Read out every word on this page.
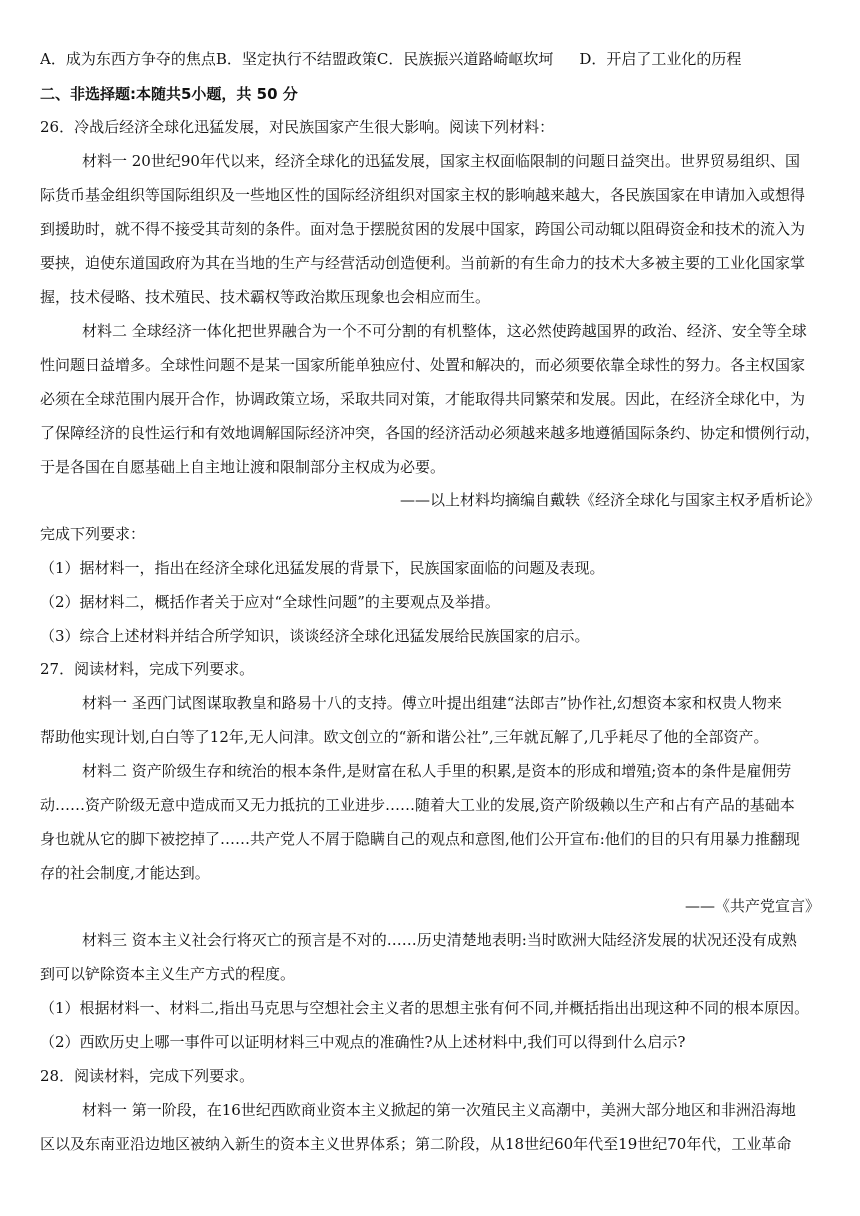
A．成为东西方争夺的焦点B．坚定执行不结盟政策C．民族振兴道路崎岖坎坷 D．开启了工业化的历程
二、非选择题:本随共5小题，共 50 分
26．冷战后经济全球化迅猛发展，对民族国家产生很大影响。阅读下列材料：
材料一 20世纪90年代以来，经济全球化的迅猛发展，国家主权面临限制的问题日益突出。世界贸易组织、国
际货币基金组织等国际组织及一些地区性的国际经济组织对国家主权的影响越来越大，各民族国家在申请加入或想得
到援助时，就不得不接受其苛刻的条件。面对急于摆脱贫困的发展中国家，跨国公司动辄以阻碍资金和技术的流入为
要挟，迫使东道国政府为其在当地的生产与经营活动创造便利。当前新的有生命力的技术大多被主要的工业化国家掌
握，技术侵略、技术殖民、技术霸权等政治欺压现象也会相应而生。
材料二 全球经济一体化把世界融合为一个不可分割的有机整体，这必然使跨越国界的政治、经济、安全等全球
性问题日益增多。全球性问题不是某一国家所能单独应付、处置和解决的，而必须要依靠全球性的努力。各主权国家
必须在全球范围内展开合作，协调政策立场，采取共同对策，才能取得共同繁荣和发展。因此，在经济全球化中，为
了保障经济的良性运行和有效地调解国际经济冲突，各国的经济活动必须越来越多地遵循国际条约、协定和惯例行动，
于是各国在自愿基础上自主地让渡和限制部分主权成为必要。
——以上材料均摘编自戴轶《经济全球化与国家主权矛盾析论》
完成下列要求：
（1）据材料一，指出在经济全球化迅猛发展的背景下，民族国家面临的问题及表现。
（2）据材料二，概括作者关于应对“全球性问题”的主要观点及举措。
（3）综合上述材料并结合所学知识，谈谈经济全球化迅猛发展给民族国家的启示。
27．阅读材料，完成下列要求。
材料一 圣西门试图谋取教皇和路易十八的支持。傅立叶提出组建“法郎吉”协作社,幻想资本家和权贵人物来
帮助他实现计划,白白等了12年,无人问津。欧文创立的“新和谐公社”,三年就瓦解了,几乎耗尽了他的全部资产。
材料二 资产阶级生存和统治的根本条件,是财富在私人手里的积累,是资本的形成和增殖;资本的条件是雇佣劳
动……资产阶级无意中造成而又无力抵抗的工业进步……随着大工业的发展,资产阶级赖以生产和占有产品的基础本
身也就从它的脚下被挖掉了……共产党人不屑于隐瞒自己的观点和意图,他们公开宣布:他们的目的只有用暴力推翻现
存的社会制度,才能达到。
——《共产党宣言》
材料三 资本主义社会行将灭亡的预言是不对的……历史清楚地表明:当时欧洲大陆经济发展的状况还没有成熟
到可以铲除资本主义生产方式的程度。
（1）根据材料一、材料二,指出马克思与空想社会主义者的思想主张有何不同,并概括指出出现这种不同的根本原因。
（2）西欧历史上哪一事件可以证明材料三中观点的准确性?从上述材料中,我们可以得到什么启示?
28．阅读材料，完成下列要求。
材料一 第一阶段，在16世纪西欧商业资本主义掀起的第一次殖民主义高潮中，美洲大部分地区和非洲沿海地
区以及东南亚沿边地区被纳入新生的资本主义世界体系；第二阶段，从18世纪60年代至19世纪70年代，工业革命
